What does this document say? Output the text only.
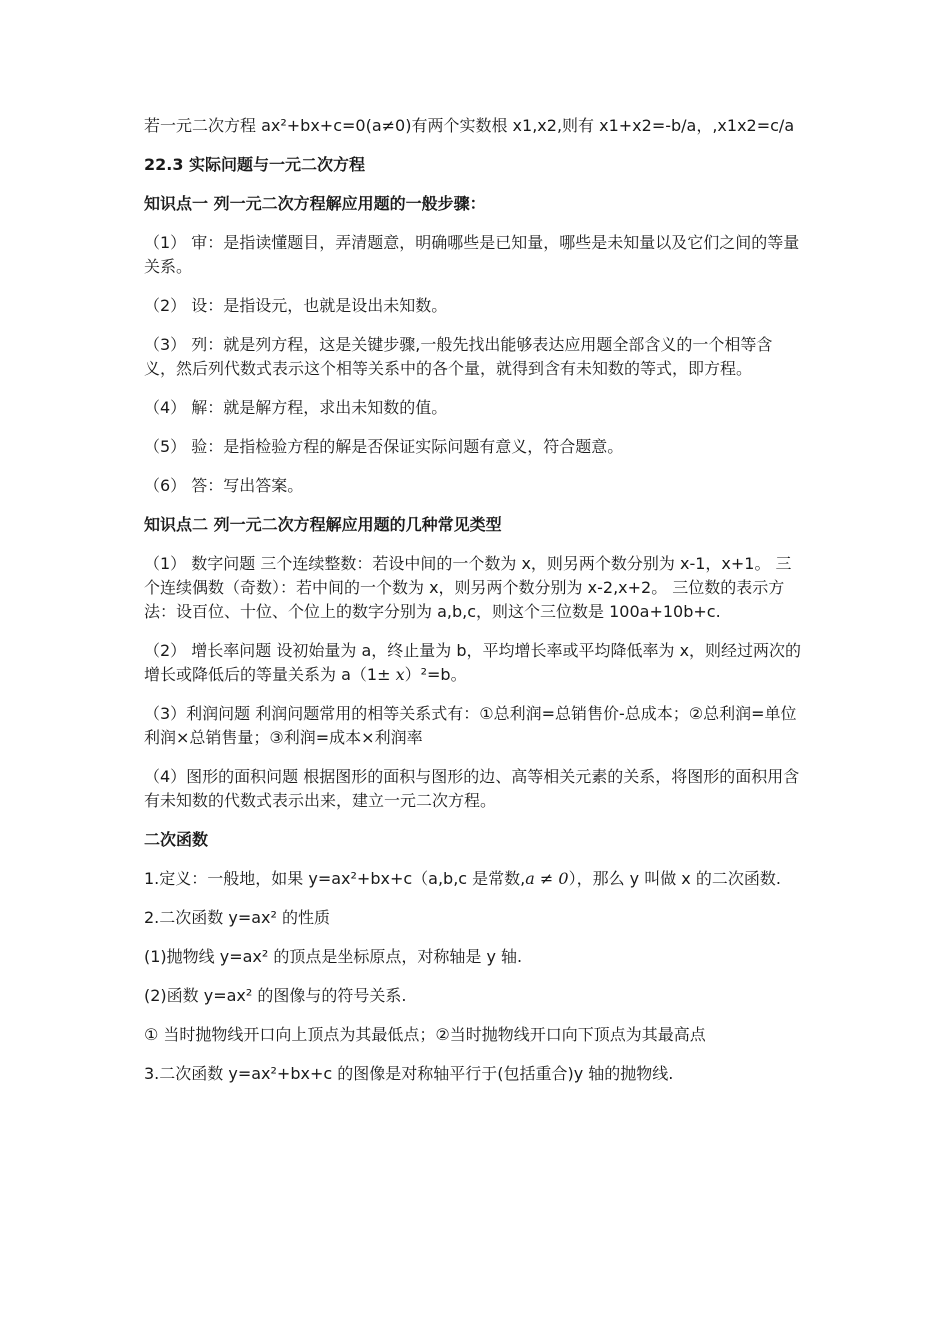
若一元二次方程 ax²+bx+c=0(a≠0)有两个实数根 x1,x2,则有 x1+x2=-b/a，,x1x2=c/a

22.3 实际问题与一元二次方程

知识点一 列一元二次方程解应用题的一般步骤：

（1） 审：是指读懂题目，弄清题意，明确哪些是已知量，哪些是未知量以及它们之间的等量关系。

（2） 设：是指设元，也就是设出未知数。

（3） 列：就是列方程，这是关键步骤,一般先找出能够表达应用题全部含义的一个相等含义，然后列代数式表示这个相等关系中的各个量，就得到含有未知数的等式，即方程。

（4） 解：就是解方程，求出未知数的值。

（5） 验：是指检验方程的解是否保证实际问题有意义，符合题意。

（6） 答：写出答案。

知识点二 列一元二次方程解应用题的几种常见类型

（1） 数字问题 三个连续整数：若设中间的一个数为 x，则另两个数分别为 x-1，x+1。 三个连续偶数（奇数）：若中间的一个数为 x，则另两个数分别为 x-2,x+2。 三位数的表示方法：设百位、十位、个位上的数字分别为 a,b,c，则这个三位数是 100a+10b+c.

（2） 增长率问题 设初始量为 a，终止量为 b，平均增长率或平均降低率为 x，则经过两次的增长或降低后的等量关系为 a（1± x）²=b。

（3）利润问题 利润问题常用的相等关系式有：①总利润=总销售价-总成本；②总利润=单位利润×总销售量；③利润=成本×利润率

（4）图形的面积问题 根据图形的面积与图形的边、高等相关元素的关系，将图形的面积用含有未知数的代数式表示出来，建立一元二次方程。

二次函数

1.定义：一般地，如果 y=ax²+bx+c（a,b,c 是常数,a ≠ 0），那么 y 叫做 x 的二次函数.

2.二次函数 y=ax² 的性质

(1)抛物线 y=ax² 的顶点是坐标原点，对称轴是 y 轴.

(2)函数 y=ax² 的图像与的符号关系.

① 当时抛物线开口向上顶点为其最低点；②当时抛物线开口向下顶点为其最高点

3.二次函数 y=ax²+bx+c 的图像是对称轴平行于(包括重合)y 轴的抛物线.
